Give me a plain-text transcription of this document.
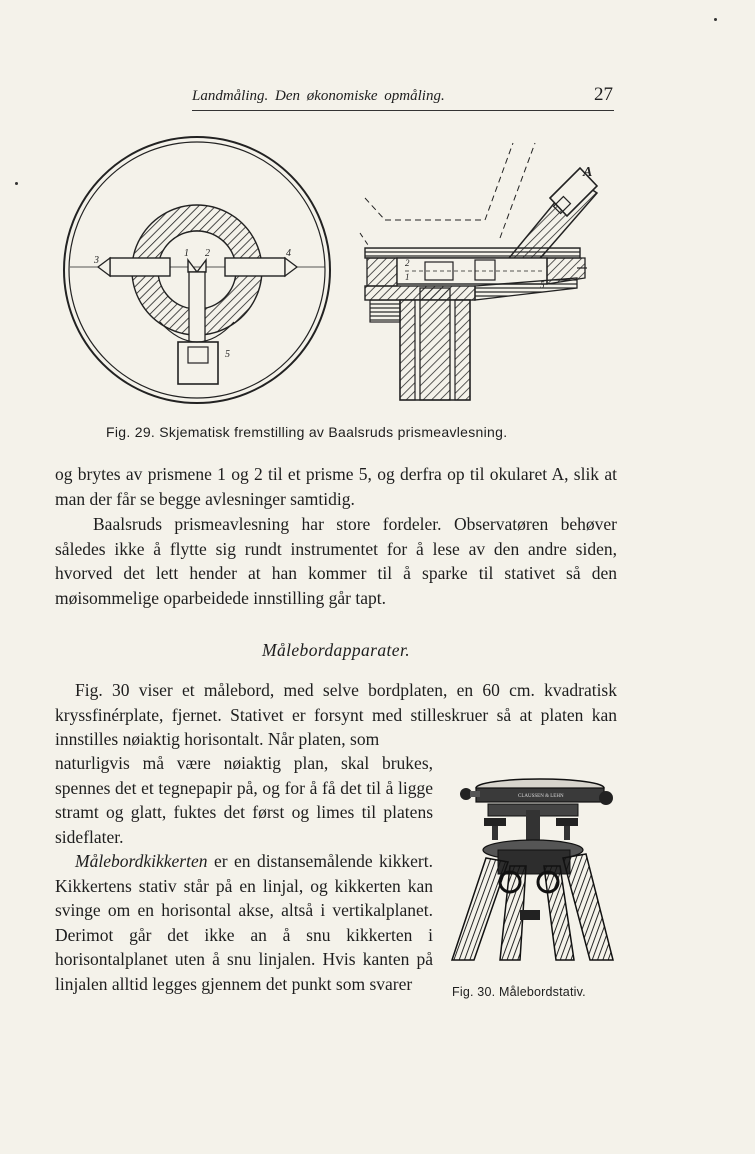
Landmåling. Den økonomiske opmåling.	27
3
1 2	4
5
A
2
1
Fig. 29. Skjematisk fremstilling av Baalsruds prismeavlesning.
og brytes av prismene 1 og 2 til et prisme 5, og derfra op til okularet A, slik at man der får se begge avlesninger samtidig.
Baalsruds prismeavlesning har store fordeler. Observatøren behøver således ikke å flytte sig rundt instrumentet for å lese av den andre siden, hvorved det lett hender at han kommer til å sparke til stativet så den møisommelige oparbeidede innstilling går tapt.
Målebordapparater.
Fig. 30 viser et målebord, med selve bordplaten, en 60 cm. kvadratisk kryssfinérplate, fjernet. Stativet er forsynt med stilleskruer så at platen kan innstilles nøiaktig horisontalt. Når platen, som
naturligvis må være nøiaktig plan, skal brukes, spennes det et tegnepapir på, og for å få det til å ligge stramt og glatt, fuktes det først og limes til platens sideflater.
Målebordkikkerten er en distansemålende kikkert. Kikkertens stativ står på en linjal, og kikkerten kan svinge om en horisontal akse, altså i vertikalplanet. Derimot går det ikke an å snu kikkerten i horisontalplanet uten å snu linjalen. Hvis kanten på linjalen alltid legges gjennem det punkt som svarer
CLAUSSEN & LEHN
Fig. 30. Målebordstativ.
